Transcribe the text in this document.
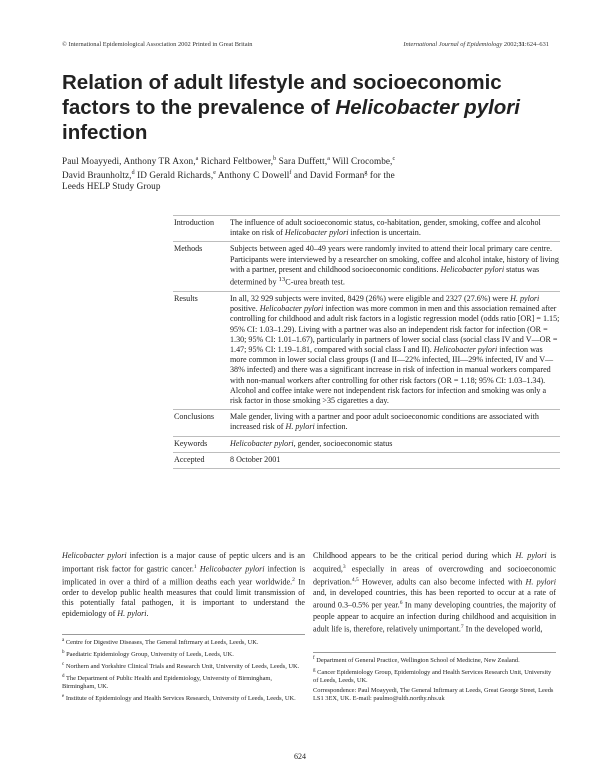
© International Epidemiological Association 2002 Printed in Great Britain	International Journal of Epidemiology 2002;31:624–631
Relation of adult lifestyle and socioeconomic
factors to the prevalence of Helicobacter pylori
infection
Paul Moayyedi, Anthony TR Axon,$^a$ Richard Feltbower,$^b$ Sara Duffett,$^a$ Will Crocombe,$^c$
David Braunholtz,$^d$ ID Gerald Richards,$^e$ Anthony C Dowell$^f$ and David Forman$^g$ for the
Leeds HELP Study Group
Introduction	The influence of adult socioeconomic status, co-habitation, gender, smoking, coffee and alcohol intake on risk of Helicobacter pylori infection is uncertain.
Methods	Subjects between aged 40–49 years were randomly invited to attend their local primary care centre. Participants were interviewed by a researcher on smoking, coffee and alcohol intake, history of living with a partner, present and childhood socioeconomic conditions. Helicobacter pylori status was determined by $^{13}$C-urea breath test.
Results	In all, 32 929 subjects were invited, 8429 (26%) were eligible and 2327 (27.6%) were H. pylori positive. Helicobacter pylori infection was more common in men and this association remained after controlling for childhood and adult risk factors in a logistic regression model (odds ratio [OR] = 1.15; 95% CI: 1.03–1.29). Living with a partner was also an independent risk factor for infection (OR = 1.30; 95% CI: 1.01–1.67), particularly in partners of lower social class (social class IV and V—OR = 1.47; 95% CI: 1.19–1.81, compared with social class I and II). Helicobacter pylori infection was more common in lower social class groups (I and II—22% infected, III—29% infected, IV and V—38% infected) and there was a significant increase in risk of infection in manual workers compared with non-manual workers after controlling for other risk factors (OR = 1.18; 95% CI: 1.03–1.34). Alcohol and coffee intake were not independent risk factors for infection and smoking was only a risk factor in those smoking >35 cigarettes a day.
Conclusions	Male gender, living with a partner and poor adult socioeconomic conditions are associated with increased risk of H. pylori infection.
Keywords	Helicobacter pylori, gender, socioeconomic status
Accepted	8 October 2001
Helicobacter pylori infection is a major cause of peptic ulcers and is an important risk factor for gastric cancer.$^1$ Helicobacter pylori infection is implicated in over a third of a million deaths each year worldwide.$^2$ In order to develop public health measures that could limit transmission of this potentially fatal pathogen, it is important to understand the epidemiology of H. pylori.
Childhood appears to be the critical period during which H. pylori is acquired,$^3$ especially in areas of overcrowding and socioeconomic deprivation.$^{4,5}$ However, adults can also become infected with H. pylori and, in developed countries, this has been reported to occur at a rate of around 0.3–0.5% per year.$^6$ In many developing countries, the majority of people appear to acquire an infection during childhood and acquisition in adult life is, therefore, relatively unimportant.$^7$ In the developed world,
$^a$ Centre for Digestive Diseases, The General Infirmary at Leeds, Leeds, UK.
$^b$ Paediatric Epidemiology Group, University of Leeds, Leeds, UK.
$^c$ Northern and Yorkshire Clinical Trials and Research Unit, University of Leeds, Leeds, UK.
$^d$ The Department of Public Health and Epidemiology, University of Birmingham, Birmingham, UK.
$^e$ Institute of Epidemiology and Health Services Research, University of Leeds, Leeds, UK.
$^f$ Department of General Practice, Wellington School of Medicine, New Zealand.
$^g$ Cancer Epidemiology Group, Epidemiology and Health Services Research Unit, University of Leeds, Leeds, UK.
Correspondence: Paul Moayyedi, The General Infirmary at Leeds, Great George Street, Leeds LS1 3EX, UK. E-mail: paulmo@ulth.northy.nhs.uk
624
